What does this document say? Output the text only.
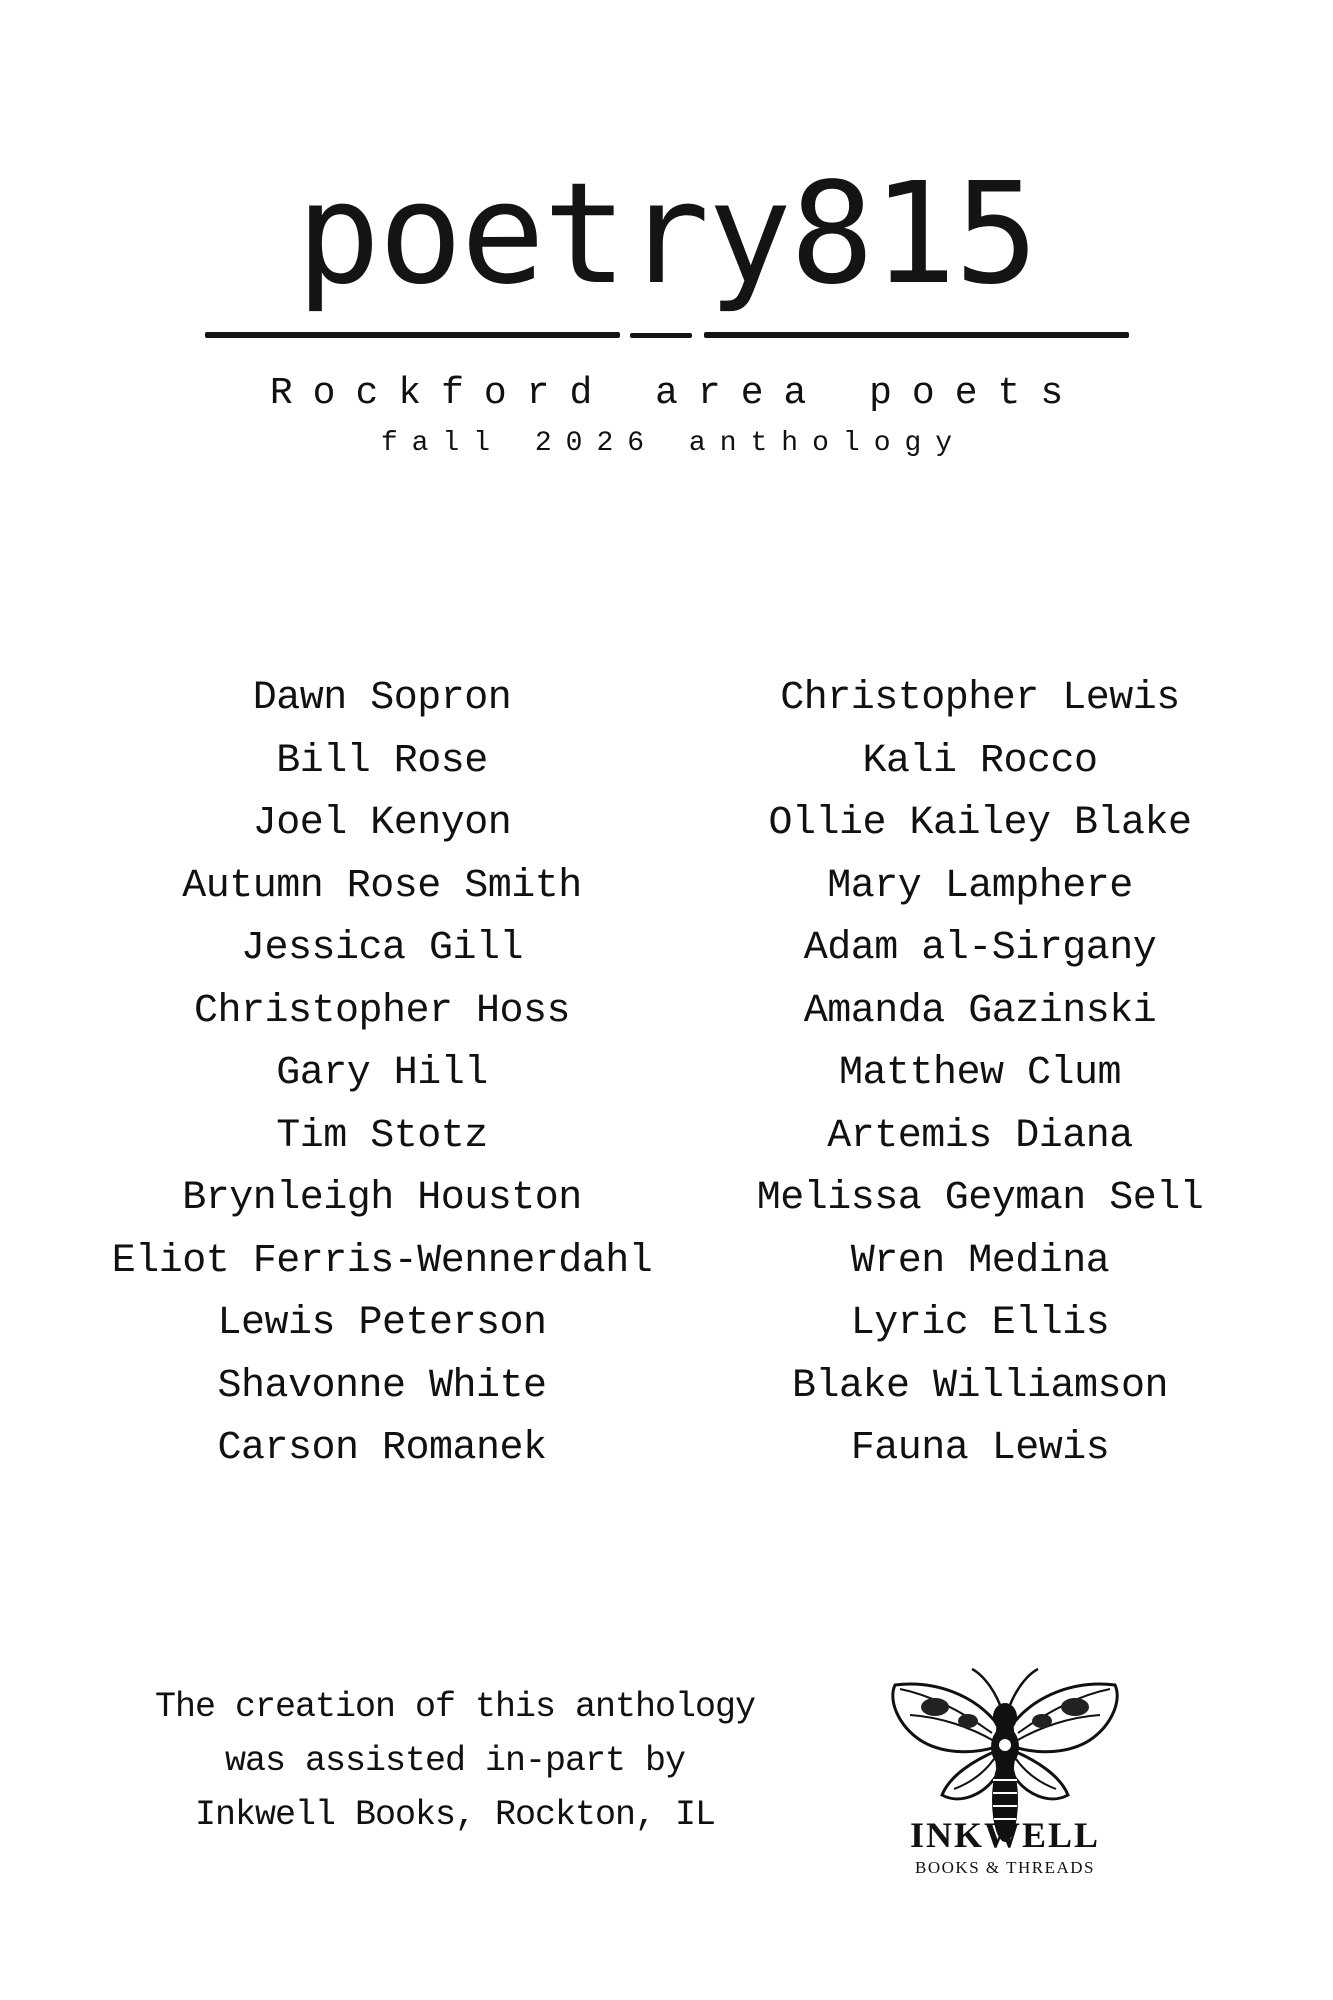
poetry815
Rockford area poets
fall 2026 anthology
Dawn Sopron
Bill Rose
Joel Kenyon
Autumn Rose Smith
Jessica Gill
Christopher Hoss
Gary Hill
Tim Stotz
Brynleigh Houston
Eliot Ferris-Wennerdahl
Lewis Peterson
Shavonne White
Carson Romanek
Christopher Lewis
Kali Rocco
Ollie Kailey Blake
Mary Lamphere
Adam al-Sirgany
Amanda Gazinski
Matthew Clum
Artemis Diana
Melissa Geyman Sell
Wren Medina
Lyric Ellis
Blake Williamson
Fauna Lewis
The creation of this anthology
was assisted in-part by
Inkwell Books, Rockton, IL	INKWELL
BOOKS & THREADS
